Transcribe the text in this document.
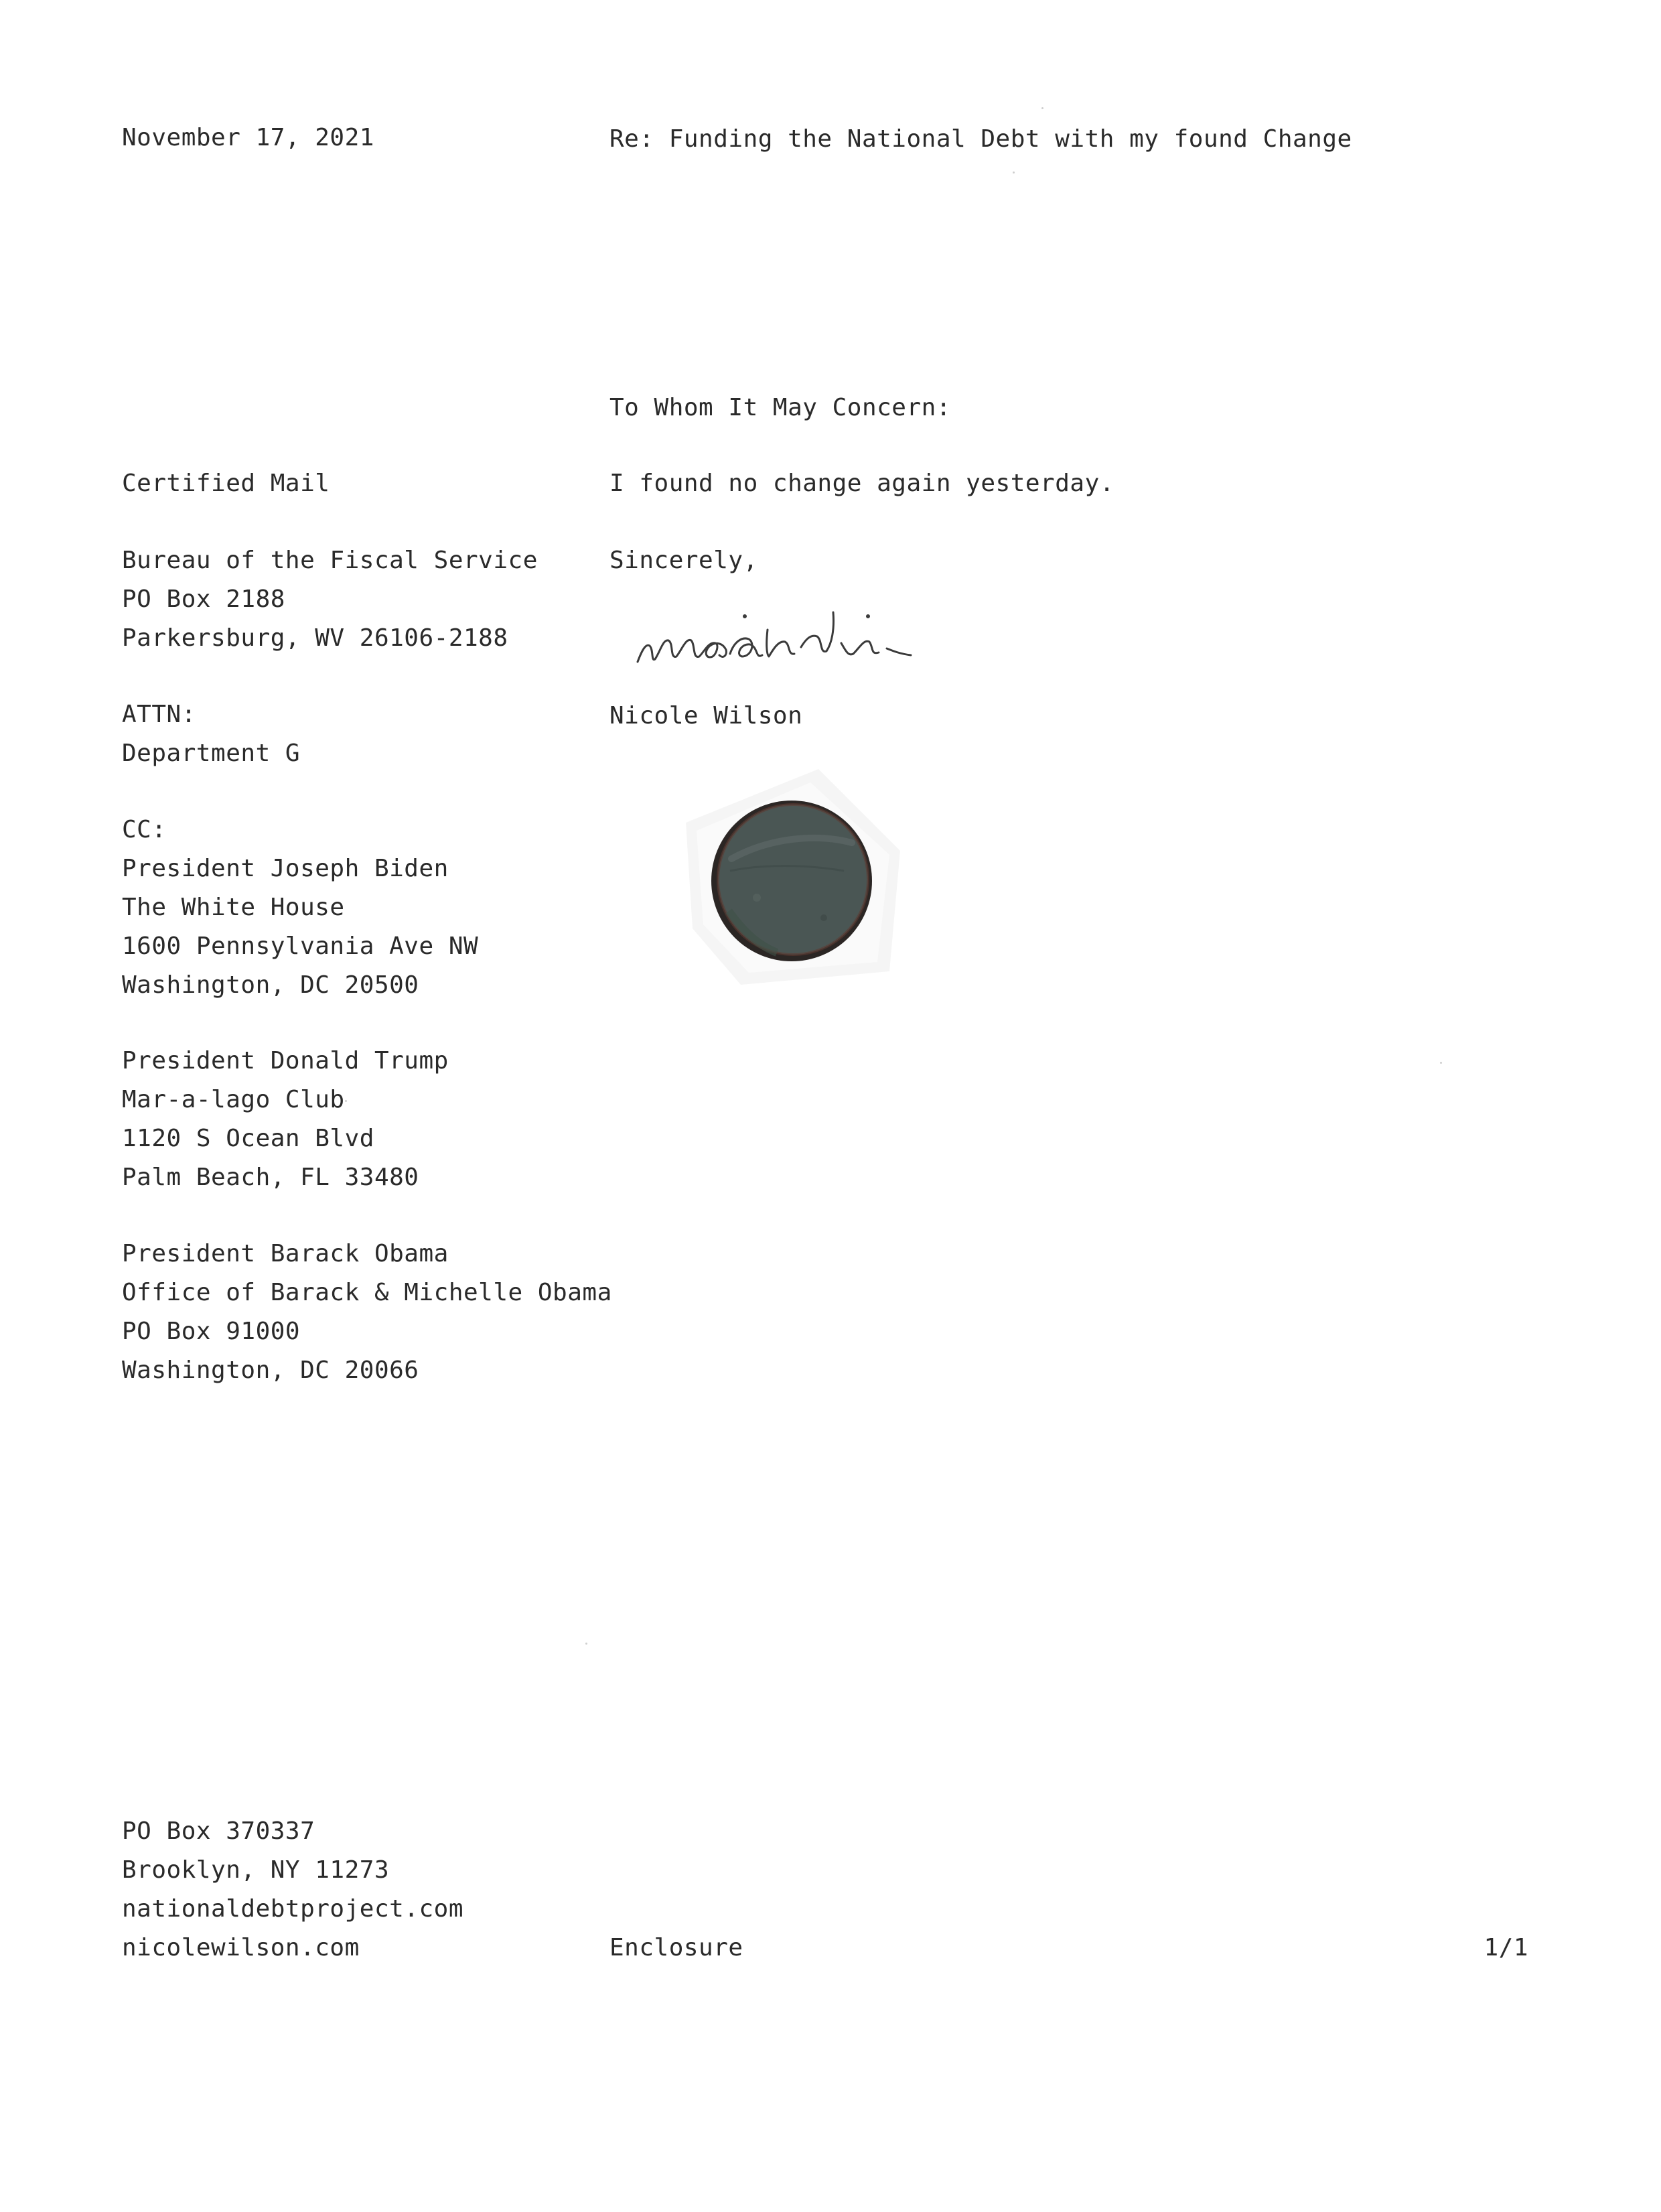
November 17, 2021	Re: Funding the National Debt with my found Change

To Whom It May Concern:

I found no change again yesterday.

Sincerely,

Nicole Wilson

Certified Mail

Bureau of the Fiscal Service
PO Box 2188
Parkersburg, WV 26106-2188
ATTN:
Department G
CC:
President Joseph Biden
The White House
1600 Pennsylvania Ave NW
Washington, DC 20500
President Donald Trump
Mar-a-lago Club
1120 S Ocean Blvd
Palm Beach, FL 33480
President Barack Obama
Office of Barack & Michelle Obama
PO Box 91000
Washington, DC 20066
PO Box 370337
Brooklyn, NY 11273
nationaldebtproject.com
nicolewilson.com	Enclosure	1/1
